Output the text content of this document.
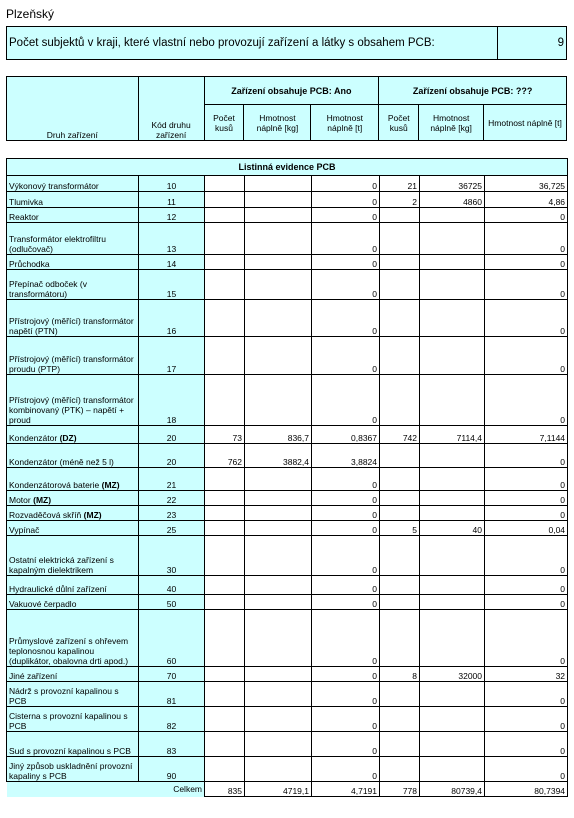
Plzeňský
Počet subjektů v kraji, které vlastní nebo provozují zařízení a látky s obsahem PCB:	9
Druh zařízení	Kód druhu zařízení	Zařízení obsahuje PCB: Ano			Zařízení obsahuje PCB: ???		
		Počet kusů	Hmotnost náplně [kg]	Hmotnost náplně [t]	Počet kusů	Hmotnost náplně [kg]	Hmotnost náplně [t]
Listinná evidence PCB							
Výkonový transformátor	10			0	21	36725	36,725
Tlumivka	11			0	2	4860	4,86
Reaktor	12			0			0
Transformátor elektrofiltru (odlučovač)	13			0			0
Průchodka	14			0			0
Přepínač odboček (v transformátoru)	15			0			0
Přístrojový (měřící) transformátor napětí (PTN)	16			0			0
Přístrojový (měřící) transformátor proudu (PTP)	17			0			0
Přístrojový (měřící) transformátor kombinovaný (PTK) – napětí + proud	18			0			0
Kondenzátor (DZ)	20	73	836,7	0,8367	742	7114,4	7,1144
Kondenzátor (méně než 5 l)	20	762	3882,4	3,8824			0
Kondenzátorová baterie (MZ)	21			0			0
Motor (MZ)	22			0			0
Rozvaděčová skříň (MZ)	23			0			0
Vypínač	25			0	5	40	0,04
Ostatní elektrická zařízení s kapalným dielektrikem	30			0			0
Hydraulické důlní zařízení	40			0			0
Vakuové čerpadlo	50			0			0
Průmyslové zařízení s ohřevem teplonosnou kapalinou (duplikátor, obalovna drti apod.)	60			0			0
Jiné zařízení	70			0	8	32000	32
Nádrž s provozní kapalinou s PCB	81			0			0
Cisterna s provozní kapalinou s PCB	82			0			0
Sud s provozní kapalinou s PCB	83			0			0
Jiný způsob uskladnění provozní kapaliny s PCB	90			0			0
Celkem		835	4719,1	4,7191	778	80739,4	80,7394
